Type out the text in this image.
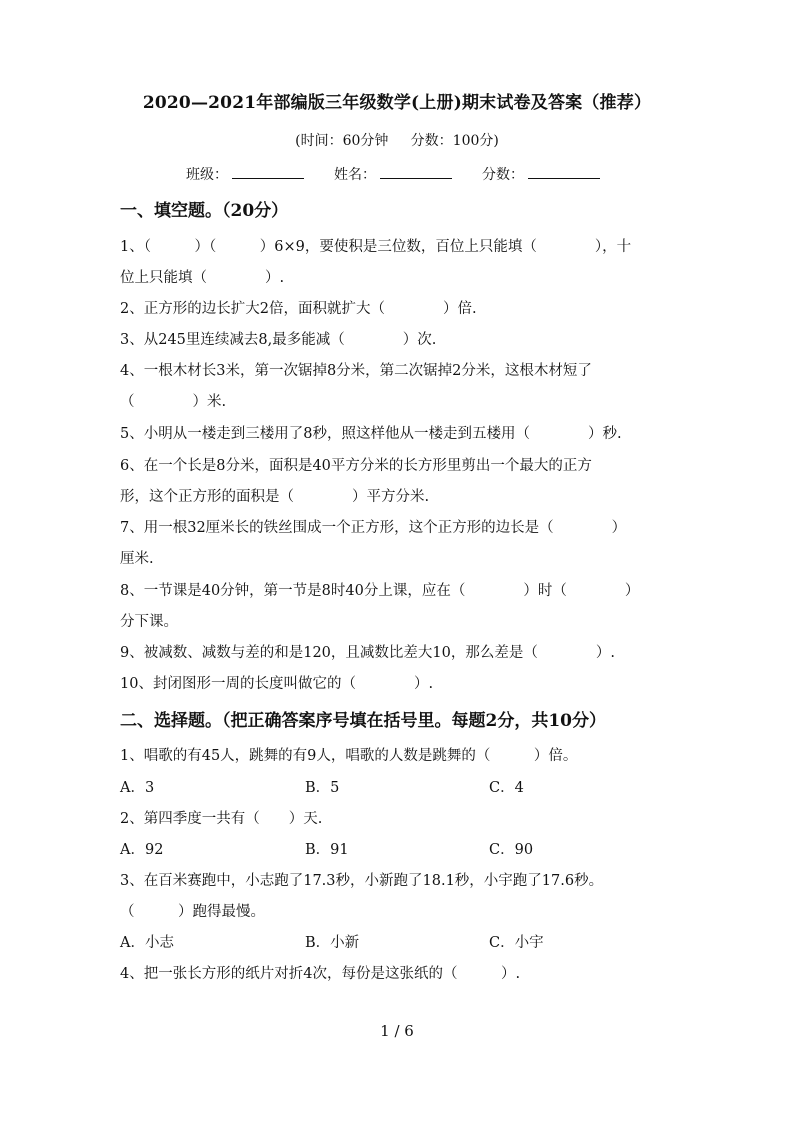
2020—2021年部编版三年级数学(上册)期末试卷及答案（推荐）
(时间：60分钟     分数：100分)
班级：	姓名：	分数：
一、填空题。（20分）
1、（　　　）（　　　）6×9，要使积是三位数，百位上只能填（　　　　），十
位上只能填（　　　　）.
2、正方形的边长扩大2倍，面积就扩大（　　　　）倍.
3、从245里连续减去8,最多能减（　　　　）次.
4、一根木材长3米，第一次锯掉8分米，第二次锯掉2分米，这根木材短了
（　　　　）米.
5、小明从一楼走到三楼用了8秒，照这样他从一楼走到五楼用（　　　　）秒.
6、在一个长是8分米，面积是40平方分米的长方形里剪出一个最大的正方
形，这个正方形的面积是（　　　　）平方分米.
7、用一根32厘米长的铁丝围成一个正方形，这个正方形的边长是（　　　　）
厘米.
8、一节课是40分钟，第一节是8时40分上课，应在（　　　　）时（　　　　）
分下课。
9、被减数、减数与差的和是120，且减数比差大10，那么差是（　　　　）.
10、封闭图形一周的长度叫做它的（　　　　）.
二、选择题。（把正确答案序号填在括号里。每题2分，共10分）
1、唱歌的有45人，跳舞的有9人，唱歌的人数是跳舞的（　　　）倍。
A．3	B．5	C．4
2、第四季度一共有（　　）天.
A．92	B．91	C．90
3、在百米赛跑中，小志跑了17.3秒，小新跑了18.1秒，小宇跑了17.6秒。
（　　　）跑得最慢。
A．小志	B．小新	C．小宇
4、把一张长方形的纸片对折4次，每份是这张纸的（　　　）.
1 / 6
